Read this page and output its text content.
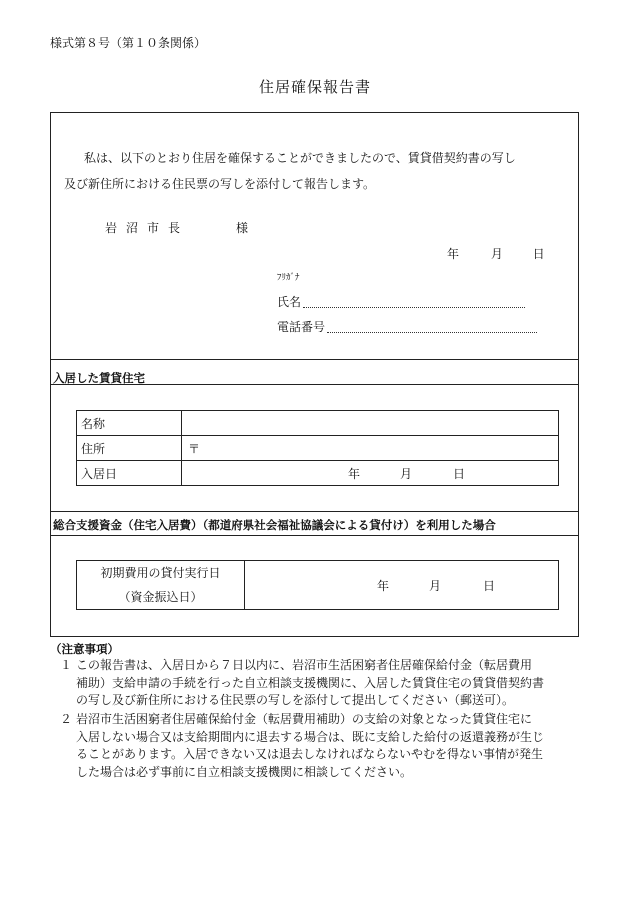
様式第８号（第１０条関係）
住居確保報告書
私は、以下のとおり住居を確保することができましたので、賃貸借契約書の写し
及び新住所における住民票の写しを添付して報告します。
岩沼市長	様
年	月 日
ﾌﾘｶﾞﾅ
氏名
電話番号
入居した賃貸住宅
名称	
住所	〒
入居日	年 月 日
総合支援資金（住宅入居費）（都道府県社会福祉協議会による貸付け）を利用した場合
初期費用の貸付実行日
（資金振込日）
	年	月	日
（注意事項）
１ この報告書は、入居日から７日以内に、岩沼市生活困窮者住居確保給付金（転居費用
補助）支給申請の手続を行った自立相談支援機関に、入居した賃貸住宅の賃貸借契約書
の写し及び新住所における住民票の写しを添付して提出してください（郵送可）。
２ 岩沼市生活困窮者住居確保給付金（転居費用補助）の支給の対象となった賃貸住宅に
入居しない場合又は支給期間内に退去する場合は、既に支給した給付の返還義務が生じ
ることがあります。入居できない又は退去しなければならないやむを得ない事情が発生
した場合は必ず事前に自立相談支援機関に相談してください。
